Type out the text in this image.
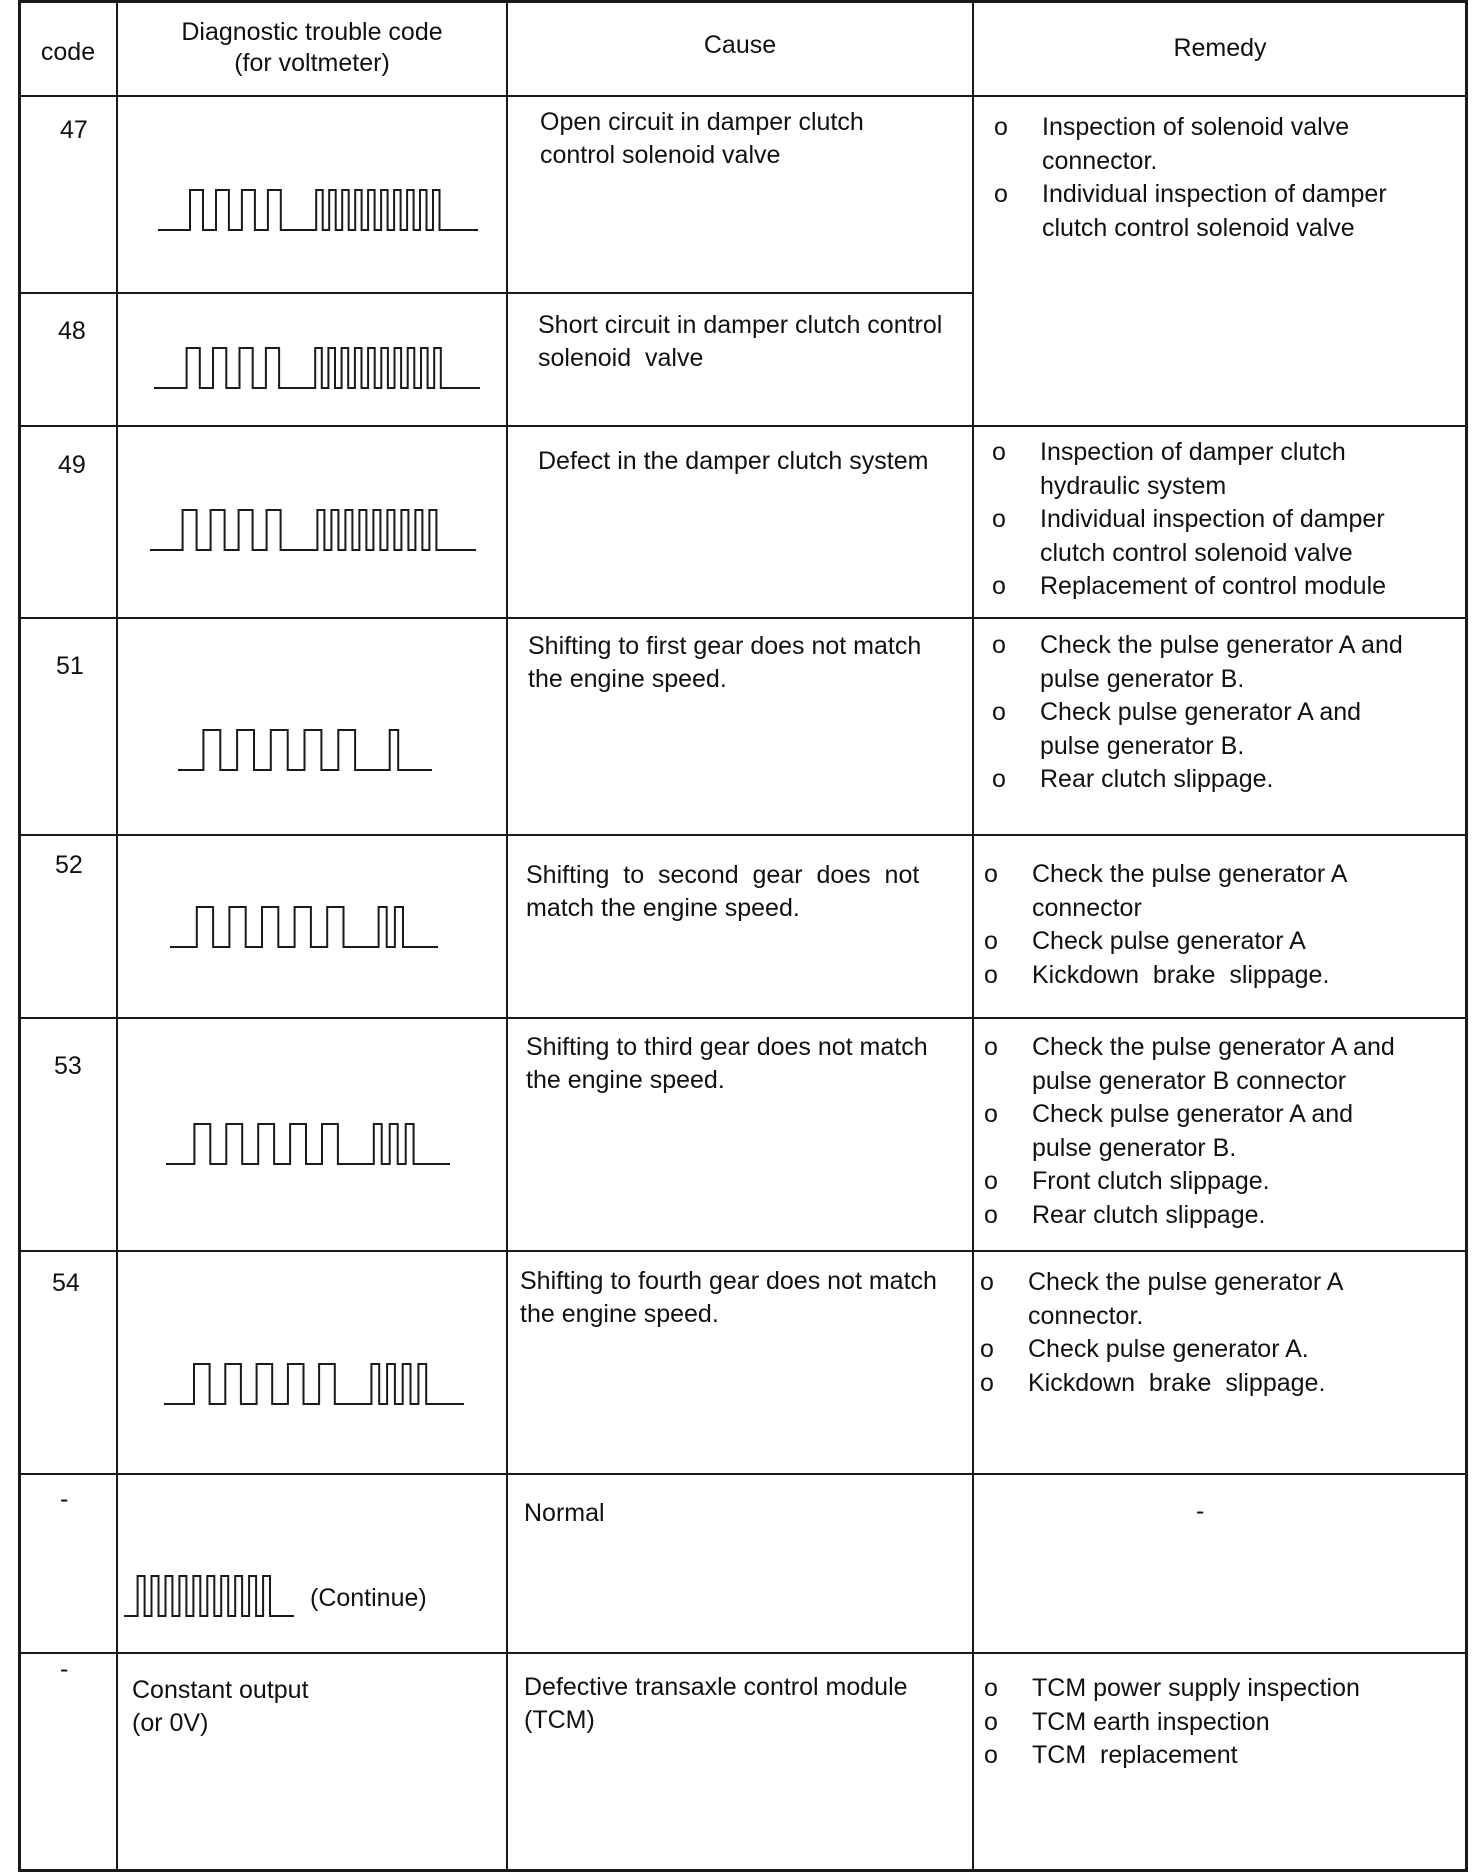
code
Diagnostic trouble code
(for voltmeter)
Cause	Remedy
47	Open circuit in damper clutch
control solenoid valve
o Inspection of solenoid valve
connector.
o Individual inspection of damper
clutch control solenoid valve
48	Short circuit in damper clutch control
solenoid  valve
49	Defect in the damper clutch system
o	Inspection of damper clutch
hydraulic system
o Individual inspection of damper
clutch control solenoid valve
o Replacement of control module
51
Shifting to first gear does not match
the engine speed.
o Check the pulse generator A and
pulse generator B.
o Check pulse generator A and
pulse generator B.
o Rear clutch slippage.
52	Shifting  to  second  gear  does  not
match the engine speed.
o Check the pulse generator A
connector
o Check pulse generator A
o Kickdown  brake  slippage.
53
Shifting to third gear does not match
the engine speed.
o Check the pulse generator A and
pulse generator B connector
o Check pulse generator A and
pulse generator B.
o Front clutch slippage.
o Rear clutch slippage.
54	Shifting to fourth gear does not match
the engine speed.
o Check the pulse generator A
connector.
o Check pulse generator A.
o Kickdown  brake  slippage.
-
(Continue)
Normal	-
-
Constant output
(or 0V)
Defective transaxle control module
(TCM)
o TCM power supply inspection
o TCM earth inspection
o TCM  replacement
